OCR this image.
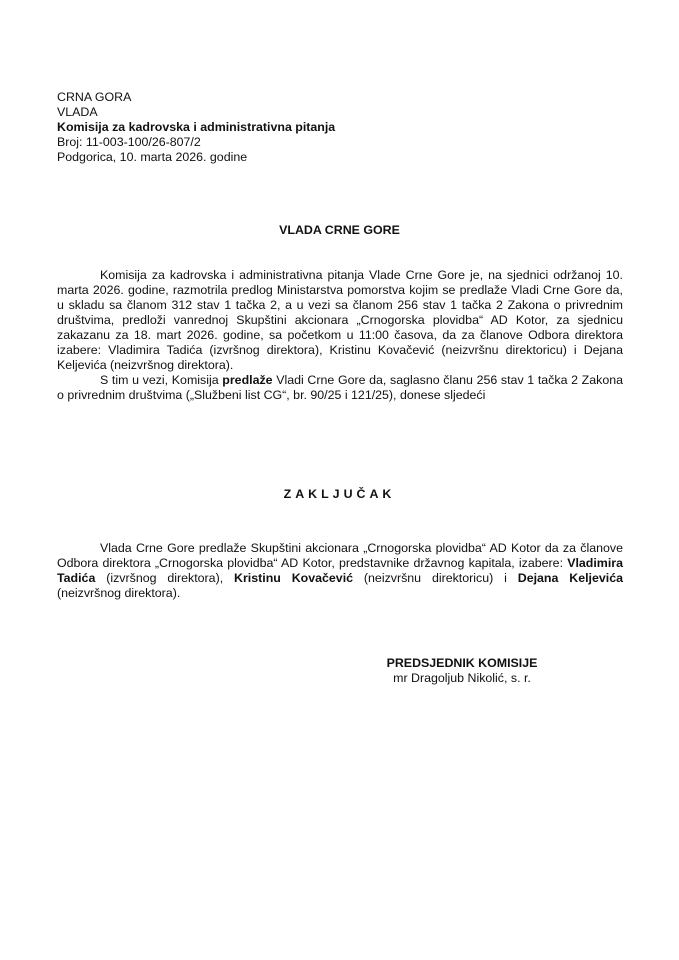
CRNA GORA
VLADA
Komisija za kadrovska i administrativna pitanja
Broj: 11-003-100/26-807/2
Podgorica, 10. marta 2026. godine
VLADA CRNE GORE

Komisija za kadrovska i administrativna pitanja Vlade Crne Gore je, na sjednici održanoj 10. marta 2026. godine, razmotrila predlog Ministarstva pomorstva kojim se predlaže Vladi Crne Gore da, u skladu sa članom 312 stav 1 tačka 2, a u vezi sa članom 256 stav 1 tačka 2 Zakona o privrednim društvima, predloži vanrednoj Skupštini akcionara „Crnogorska plovidba“ AD Kotor, za sjednicu zakazanu za 18. mart 2026. godine, sa početkom u 11:00 časova, da za članove Odbora direktora izabere: Vladimira Tadića (izvršnog direktora), Kristinu Kovačević (neizvršnu direktoricu) i Dejana Keljevića (neizvršnog direktora).

S tim u vezi, Komisija predlaže Vladi Crne Gore da, saglasno članu 256 stav 1 tačka 2 Zakona o privrednim društvima („Službeni list CG“, br. 90/25 i 121/25), donese sljedeći

ZAKLJUČAK

Vlada Crne Gore predlaže Skupštini akcionara „Crnogorska plovidba“ AD Kotor da za članove Odbora direktora „Crnogorska plovidba“ AD Kotor, predstavnike državnog kapitala, izabere: Vladimira Tadića (izvršnog direktora), Kristinu Kovačević (neizvršnu direktoricu) i Dejana Keljevića (neizvršnog direktora).

PREDSJEDNIK KOMISIJE
mr Dragoljub Nikolić, s. r.
